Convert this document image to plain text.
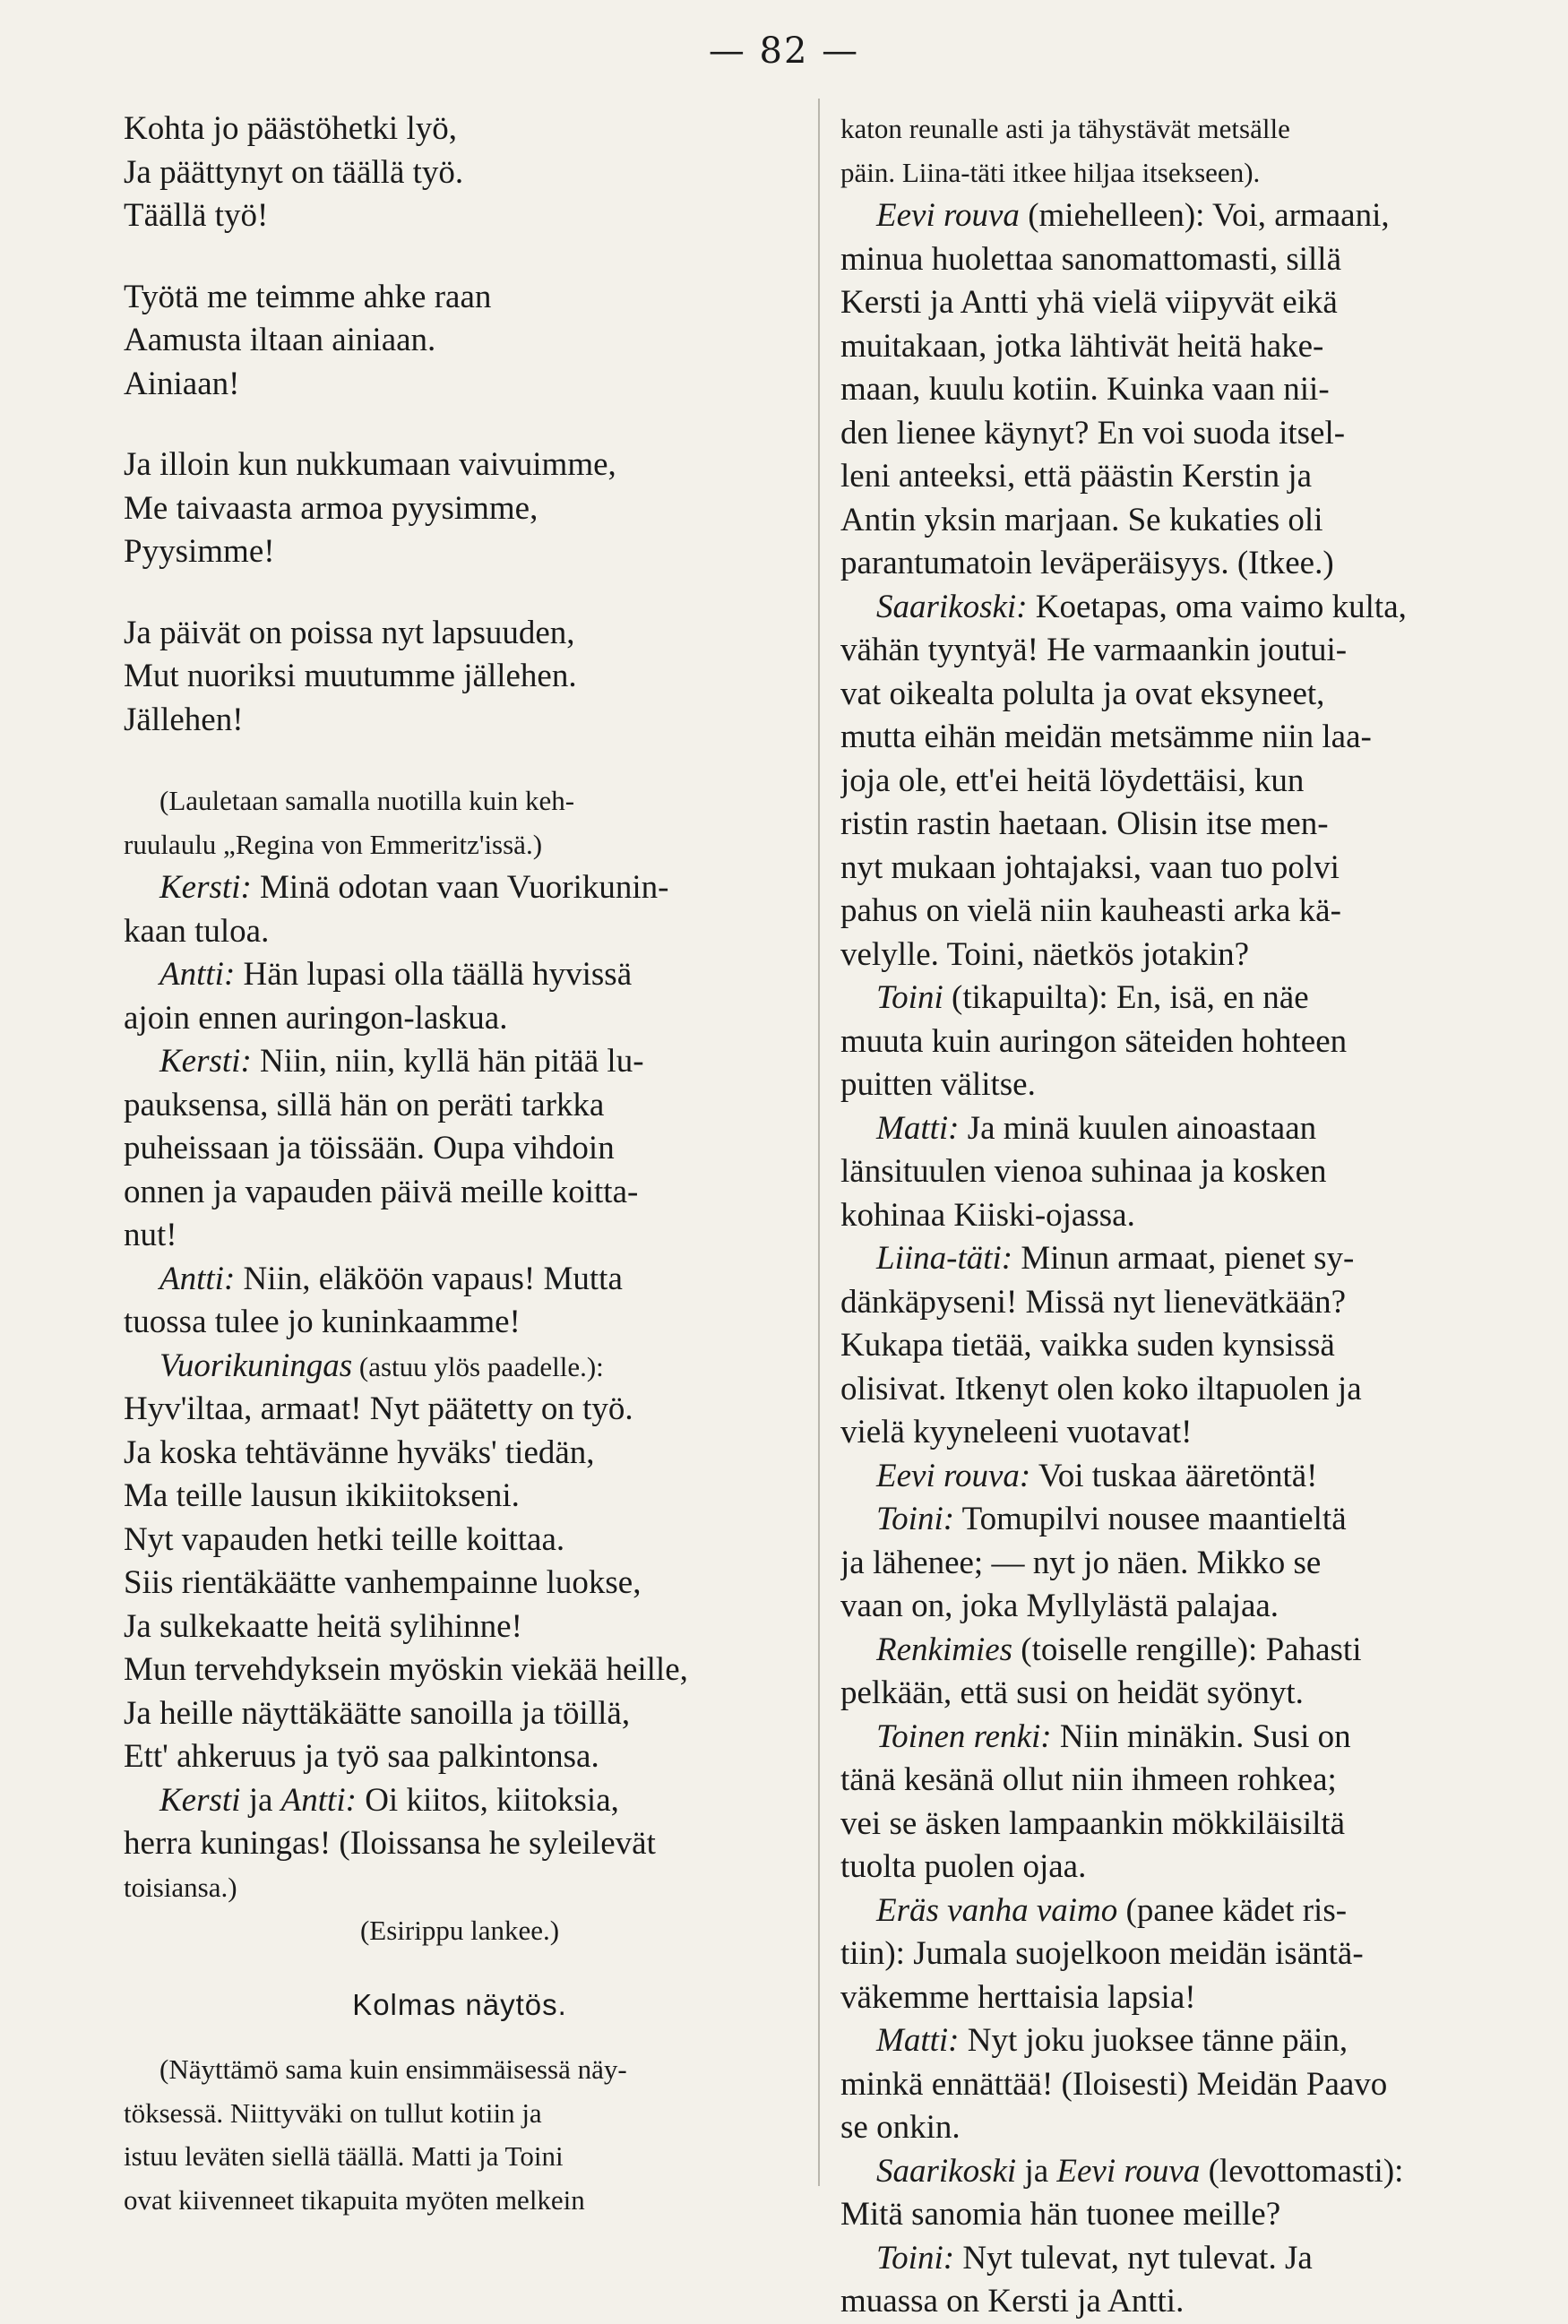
— 82 —
Kohta jo päästöhetki lyö,
Ja päättynyt on täällä työ.
Täällä työ!
Työtä me teimme ahke raan
Aamusta iltaan ainiaan.
Ainiaan!
Ja illoin kun nukkumaan vaivuimme,
Me taivaasta armoa pyysimme,
Pyysimme!
Ja päivät on poissa nyt lapsuuden,
Mut nuoriksi muutumme jällehen.
Jällehen!
(Lauletaan samalla nuotilla kuin keh-
ruulaulu „Regina von Emmeritz'issä.)
Kersti: Minä odotan vaan Vuorikunin-
kaan tuloa.
Antti: Hän lupasi olla täällä hyvissä
ajoin ennen auringon-laskua.
Kersti: Niin, niin, kyllä hän pitää lu-
pauksensa, sillä hän on peräti tarkka
puheissaan ja töissään. Oupa vihdoin
onnen ja vapauden päivä meille koitta-
nut!
Antti: Niin, eläköön vapaus! Mutta
tuossa tulee jo kuninkaamme!
Vuorikuningas (astuu ylös paadelle.):
Hyv'iltaa, armaat! Nyt päätetty on työ.
Ja koska tehtävänne hyväks' tiedän,
Ma teille lausun ikikiitokseni.
Nyt vapauden hetki teille koittaa.
Siis rientäkäätte vanhempainne luokse,
Ja sulkekaatte heitä sylihinne!
Mun tervehdyksein myöskin viekää heille,
Ja heille näyttäkäätte sanoilla ja töillä,
Ett' ahkeruus ja työ saa palkintonsa.
Kersti ja Antti: Oi kiitos, kiitoksia,
herra kuningas! (Iloissansa he syleilevät
toisiansa.)
(Esirippu lankee.)
Kolmas näytös.
(Näyttämö sama kuin ensimmäisessä näy-
töksessä. Niittyväki on tullut kotiin ja
istuu leväten siellä täällä. Matti ja Toini
ovat kiivenneet tikapuita myöten melkein
katon reunalle asti ja tähystävät metsälle
päin. Liina-täti itkee hiljaa itsekseen).
Eevi rouva (miehelleen): Voi, armaani,
minua huolettaa sanomattomasti, sillä
Kersti ja Antti yhä vielä viipyvät eikä
muitakaan, jotka lähtivät heitä hake-
maan, kuulu kotiin. Kuinka vaan nii-
den lienee käynyt? En voi suoda itsel-
leni anteeksi, että päästin Kerstin ja
Antin yksin marjaan. Se kukaties oli
parantumatoin leväperäisyys. (Itkee.)
Saarikoski: Koetapas, oma vaimo kulta,
vähän tyyntyä! He varmaankin joutui-
vat oikealta polulta ja ovat eksyneet,
mutta eihän meidän metsämme niin laa-
joja ole, ett'ei heitä löydettäisi, kun
ristin rastin haetaan. Olisin itse men-
nyt mukaan johtajaksi, vaan tuo polvi
pahus on vielä niin kauheasti arka kä-
velylle. Toini, näetkös jotakin?
Toini (tikapuilta): En, isä, en näe
muuta kuin auringon säteiden hohteen
puitten välitse.
Matti: Ja minä kuulen ainoastaan
länsituulen vienoa suhinaa ja kosken
kohinaa Kiiski-ojassa.
Liina-täti: Minun armaat, pienet sy-
dänkäpyseni! Missä nyt lienevätkään?
Kukapa tietää, vaikka suden kynsissä
olisivat. Itkenyt olen koko iltapuolen ja
vielä kyyneleeni vuotavat!
Eevi rouva: Voi tuskaa ääretöntä!
Toini: Tomupilvi nousee maantieltä
ja lähenee; — nyt jo näen. Mikko se
vaan on, joka Myllylästä palajaa.
Renkimies (toiselle rengille): Pahasti
pelkään, että susi on heidät syönyt.
Toinen renki: Niin minäkin. Susi on
tänä kesänä ollut niin ihmeen rohkea;
vei se äsken lampaankin mökkiläisiltä
tuolta puolen ojaa.
Eräs vanha vaimo (panee kädet ris-
tiin): Jumala suojelkoon meidän isäntä-
väkemme herttaisia lapsia!
Matti: Nyt joku juoksee tänne päin,
minkä ennättää! (Iloisesti) Meidän Paavo
se onkin.
Saarikoski ja Eevi rouva (levottomasti):
Mitä sanomia hän tuonee meille?
Toini: Nyt tulevat, nyt tulevat. Ja
muassa on Kersti ja Antti.
